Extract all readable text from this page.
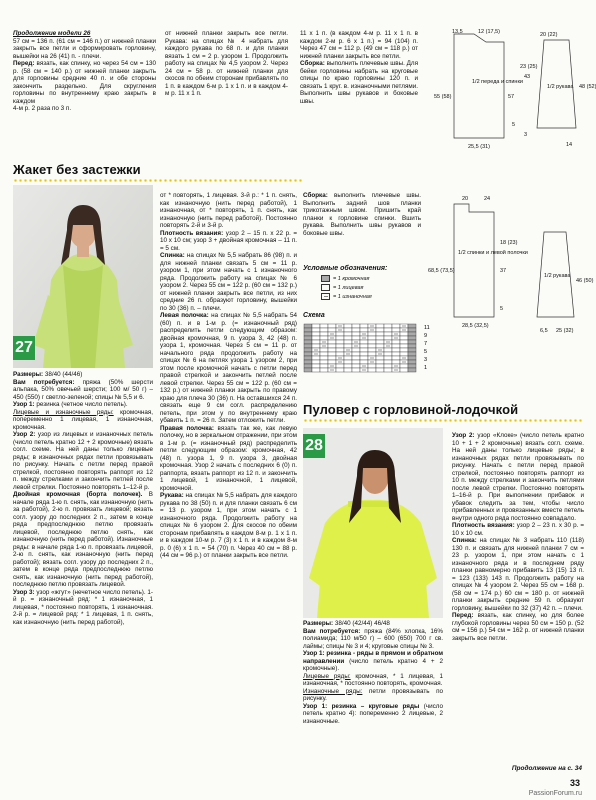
Продолжение модели 26

57 см = 136 п. (61 см = 146 п.) от нижней планки закрыть все петли и сформировать горловину, вышейки на 26 (41) п. - плечи.

Перед: вязать, как спинку, но через 54 см = 130 р. (58 см = 140 р.) от нижней планки закрыть для горловины средние 40 п. и обе стороны закончить раздельно. Для скругления горловины по внутреннему краю закрыть в каждом

4-м р. 2 раза по 3 п.

от нижней планки закрыть все петли. Рукава: на спицах № 4 набрать для каждого рукава по 68 п. и для планки вязать 1 см = 2 р. узором 1. Продолжить работу на спицах № 4,5 узором 2. Через 24 см = 58 р. от нижней планки для скосов по обеим сторонам прибавлять по 1 п. в каждом 6-м р. 1 х 1 п. и в каждом 4-м р. 11 х 1 п.

11 х 1 п. (в каждом 4-м р. 11 х 1 п. в каждом 2-м р. 6 х 1 п.) = 94 (104) п. Через 47 см = 112 р. (49 см = 118 р.) от нижней планки закрыть все петли.

Сборка: выполнить плечевые швы. Для бейки горловины набрать на круговые спицы по краю горловины 120 п. и связать 1 круг. в. изнаночными петлями. Выполнить швы рукавов и боковые швы.

13,5	12 (17,5)
1/2 переда и спинки
57
55 (58)
25,5 (31)
1/2 рукава
43
48 (52)
20 (22)
23 (25)
14
5
3
Жакет без застежки
27

Размеры: 38/40 (44/46)

Вам потребуется: пряжа (50% шерсти альпака, 50% овечьей шерсти; 100 м/ 50 г) – 450 (550) г светло-зеленой; спицы № 5,5 и 6.

Узор 1: резинка (четное число петель).

Лицевые и изнаночные ряды: кромочная, попеременно 1 лицевая, 1 изнаночная, кромочная.

Узор 2: узор из лицевых и изнаночных петель (число петель кратно 12 + 2 кромочные) вязать согл. схеме. На ней даны только лицевые ряды; в изнаночных рядах петли провязывать по рисунку. Начать с петли перед правой стрелкой, постоянно повторять раппорт из 12 п. между стрелками и закончить петлей после левой стрелки. Постоянно повторять 1–12-й р.

Двойная кромочная (борта полочек). В начале ряда 1-ю п. снять, как изнаночную (нить за работой), 2-ю п. провязать лицевой; вязать согл. узору до последних 2 п., затем в конце ряда предпоследнюю петлю провязать лицевой, последнюю петлю снять, как изнаночную (нить перед работой). Изнаночные ряды: в начале ряда 1-ю п. провязать лицевой, 2-ю п. снять, как изнаночную (нить перед работой); вязать согл. узору до последних 2 п., затем в конце ряда предпоследнюю петлю снять, как изнаночную (нить перед работой), последнюю петлю провязать лицевой.

Узор 3: узор «жгут» (нечетное число петель). 1-й р. = изнаночный ряд: * 1 изнаночная, 1 лицевая, * постоянно повторять, 1 изнаночная. 2-й р. = лицевой ряд: * 1 лицевая, 1 п. снять, как изнаночную (нить перед работой),

от * повторять, 1 лицевая. 3-й р.: * 1 п. снять, как изнаночную (нить перед работой), 1 изнаночная, от * повторять, 1 п. снять, как изнаночную (нить перед работой). Постоянно повторять 2-й и 3-й р.

Плотность вязания: узор 2 – 15 п. х 22 р. = 10 х 10 см; узор 3 + двойная кромочная – 11 п. = 5 см.

Спинка: на спицах № 5,5 набрать 86 (98) п. и для нижней планки связать 5 см = 11 р. узором 1, при этом начать с 1 изнаночного ряда. Продолжить работу на спицах № 6 узором 2. Через 55 см = 122 р. (60 см = 132 р.) от нижней планки закрыть все петли, из них средние 26 п. образуют горловину, вышейки по 30 (36) п. – плечи.

Левая полочка: на спицах № 5,5 набрать 54 (60) п. и в 1-м р. (= изнаночный ряд) распределить петли следующим образом: двойная кромочная, 9 п. узора 3, 42 (48) п. узора 1, кромочная. Через 5 см = 11 р. от начального ряда продолжить работу на спицах № 6 на петлях узора 1 узором 2, при этом после кромочной начать с петли перед правой стрелкой и закончить петлей после левой стрелки. Через 55 см = 122 р. (60 см = 132 р.) от нижней планки закрыть по правому краю для плеча 30 (36) п. На оставшихся 24 п. связать еще 9 см согл. распределению петель, при этом у по внутреннему краю убавить 1 п. = 26 п. Затем отложить петли.

Правая полочка: вязать так же, как левую полочку, но в зеркальном отражении, при этом в 1-м р. (= изнаночный ряд) распределить петли следующим образом: кромочная, 42 (48) п. узора 1, 9 п. узора 3, двойная кромочная. Узор 2 начать с последних 6 (0) п. раппорта, вязать раппорт из 12 п. и закончить 1 лицевой, 1 изнаночной, 1 лицевой, кромочной.

Рукава: на спицах № 5,5 набрать для каждого рукава по 38 (50) п. и для планки связать 6 см = 13 р. узором 1, при этом начать с 1 изнаночного ряда. Продолжить работу на спицах № 6 узором 2. Для скосов по обеим сторонам прибавлять в каждом 8-м р. 1 х 1 п. и в каждом 10-м р. 7 (3) х 1 п. и в каждом 8-м р. 0 (6) х 1 п. = 54 (70) п. Через 40 см = 88 р. (44 см = 96 р.) от планки закрыть все петли.

Сборка: выполнить плечевые швы. Выполнить задний шов планки трикотажным швом. Пришить край планки к горловине спинки. Вшить рукава. Выполнить швы рукавов и боковые швы.

Условные обозначения:
= 1 кромочная
= 1 лицевая
= 1 изнаночная
Схема
11
9
7
5
3
1
20	24
1/2 спинки и левой полочки
68,5 (73,5)
28,5 (32,5)
1/2 рукава
46 (50)
37
18 (23)
6,5 25 (32)
5
Пуловер с горловиной-лодочкой
28

Размеры: 38/40 (42/44) 46/48

Вам потребуется: пряжа (84% хлопка, 16% полиамида; 110 м/50 г) – 600 (650) 700 г св. лаймы; спицы № 3 и 4; круговые спицы № 3.

Узор 1: резинка - ряды в прямом и обратном направлении (число петель кратно 4 + 2 кромочные).

Лицевые ряды: кромочная, * 1 лицевая, 1 изнаночная, * постоянно повторять, кромочная.

Изнаночные ряды: петли провязывать по рисунку.

Узор 1: резинка – круговые ряды (число петель кратно 4): попеременно 2 лицевые, 2 изнаночные.

Узор 2: узор «Клоке» (число петель кратно 10 + 1 + 2 кромочные) вязать согл. схеме. На ней даны только лицевые ряды; в изнаночных рядах петли провязывать по рисунку. Начать с петли перед правой стрелкой, постоянно повторять раппорт из 10 п. между стрелками и закончить петлями после левой стрелки. Постоянно повторять 1–16-й р. При выполнении прибавок и убавок следить за тем, чтобы число прибавленных и провязанных вместе петель внутри одного ряда постоянно совпадало.

Плотность вязания: узор 2 – 23 п. х 30 р. = 10 х 10 см.

Спинка: на спицах № 3 набрать 110 (118) 130 п. и связать для нижней планки 7 см = 23 р. узором 1, при этом начать с 1 изнаночного ряда и в последнем ряду планки равномерно прибавить 13 (15) 13 п. = 123 (133) 143 п. Продолжить работу на спицах № 4 узором 2. Через 55 см = 168 р. (58 см = 174 р.) 60 см = 180 р. от нижней планки закрыть средние 59 п. образуют горловину, вышейки по 32 (37) 42 п. – плечи.

Перед: вязать, как спинку, но для более глубокой горловины через 50 см = 150 р. (52 см = 156 р.) 54 см = 162 р. от нижней планки закрыть все петли.

Продолжение на с. 34
33
PassionForum.ru
